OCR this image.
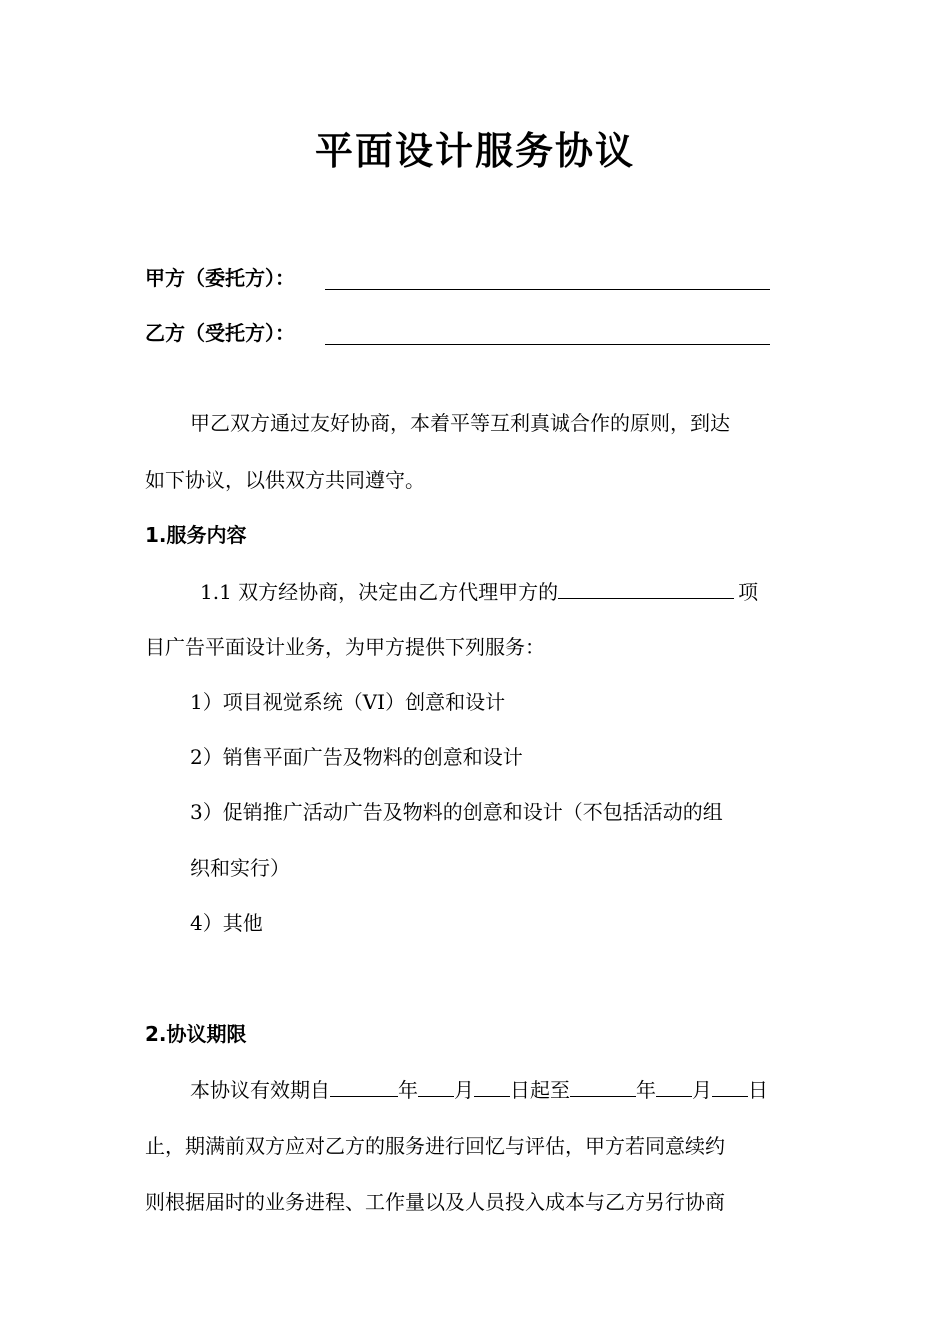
平面设计服务协议
甲方（委托方）：
乙方（受托方）：
甲乙双方通过友好协商，本着平等互利真诚合作的原则，到达
如下协议，以供双方共同遵守。
1.服务内容
1.1 双方经协商，决定由乙方代理甲方的	项
目广告平面设计业务，为甲方提供下列服务：
1）项目视觉系统（VI）创意和设计
2）销售平面广告及物料的创意和设计
3）促销推广活动广告及物料的创意和设计（不包括活动的组
织和实行）
4）其他
2.协议期限
本协议有效期自	年 月 日起至	年 月 日
止，期满前双方应对乙方的服务进行回忆与评估，甲方若同意续约
则根据届时的业务进程、工作量以及人员投入成本与乙方另行协商
